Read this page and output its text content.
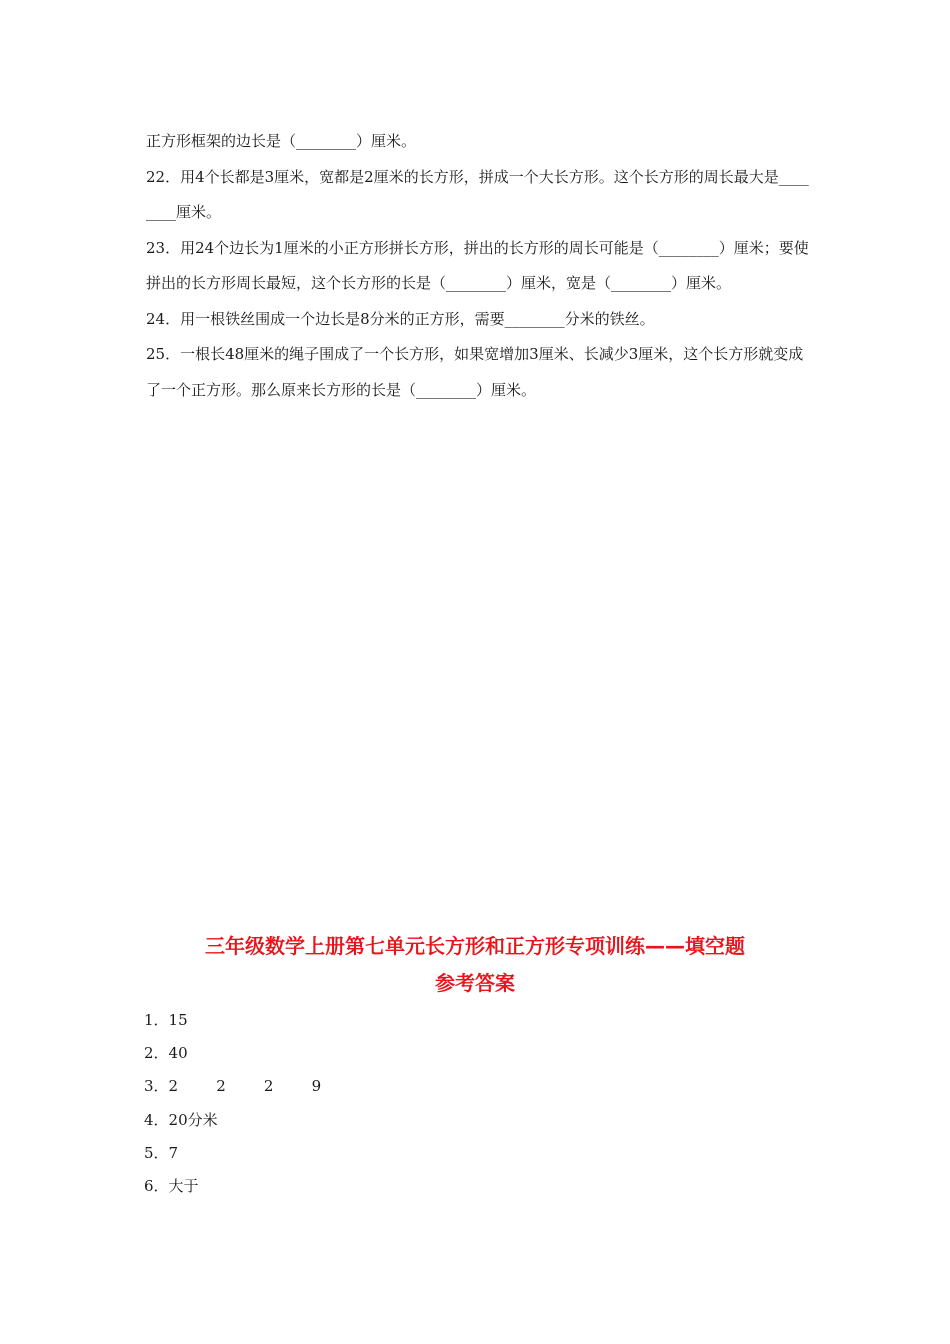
正方形框架的边长是（________）厘米。

22．用4个长都是3厘米，宽都是2厘米的长方形，拼成一个大长方形。这个长方形的周长最大是________厘米。

23．用24个边长为1厘米的小正方形拼长方形，拼出的长方形的周长可能是（________）厘米；要使拼出的长方形周长最短，这个长方形的长是（________）厘米，宽是（________）厘米。

24．用一根铁丝围成一个边长是8分米的正方形，需要________分米的铁丝。

25．一根长48厘米的绳子围成了一个长方形，如果宽增加3厘米、长减少3厘米，这个长方形就变成了一个正方形。那么原来长方形的长是（________）厘米。

三年级数学上册第七单元长方形和正方形专项训练——填空题
参考答案
1．15
2．40
3．2        2        2        9
4．20分米
5．7
6．大于
